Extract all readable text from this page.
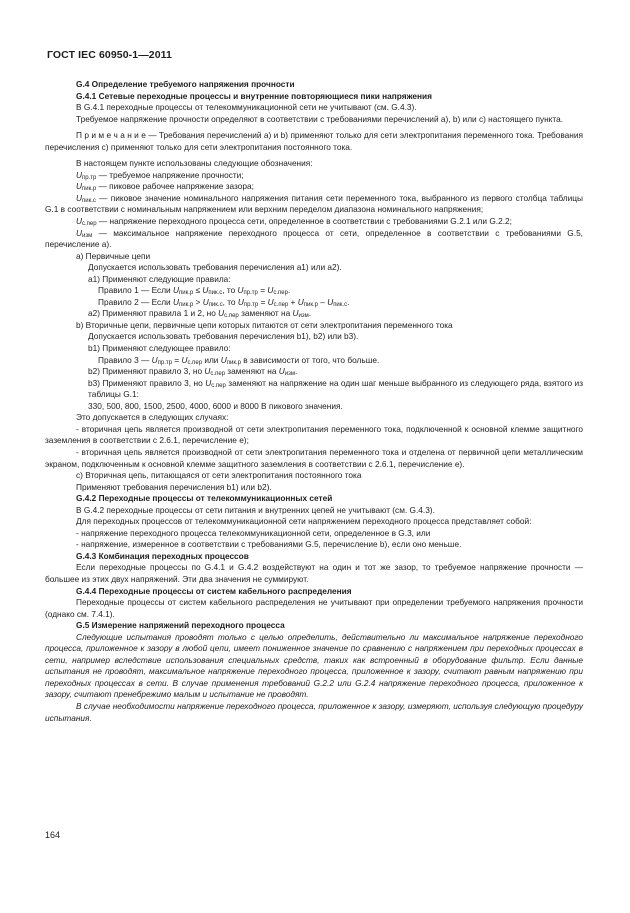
ГОСТ IEC 60950-1—2011

G.4 Определение требуемого напряжения прочности

G.4.1 Сетевые переходные процессы и внутренние повторяющиеся пики напряжения

В G.4.1 переходные процессы от телекоммуникационной сети не учитывают (см. G.4.3).

Требуемое напряжение прочности определяют в соответствии с требованиями перечислений a), b) или с) настоящего пункта.

П р и м е ч а н и е — Требования перечислений а) и b) применяют только для сети электропитания переменного тока. Требования перечисления с) применяют только для сети электропитания постоянного тока.

В настоящем пункте использованы следующие обозначения:

$U_{пр.тр}$ — требуемое напряжение прочности;

$U_{пик.р}$ — пиковое рабочее напряжение зазора;

$U_{пик.с}$ — пиковое значение номинального напряжения питания сети переменного тока, выбранного из первого столбца таблицы G.1 в соответствии с номинальным напряжением или верхним переделом диапазона номинального напряжения;

$U_{с.пер}$ — напряжение переходного процесса сети, определенное в соответствии с требованиями G.2.1 или G.2.2;

$U_{изм}$ — максимальное напряжение переходного процесса от сети, определенное в соответствии с требованиями G.5, перечисление а).

а) Первичные цепи

Допускается использовать требования перечисления а1) или а2).

а1) Применяют следующие правила:

Правило 1 — Если $U_{пик.р} \le U_{пик.с}$, то $U_{пр.тр} = U_{с.пер}$.

Правило 2 — Если $U_{пик.р} > U_{пик.с}$, то $U_{пр.тр} = U_{с.пер} + U_{пик.р} - U_{пик.с}$.

а2) Применяют правила 1 и 2, но $U_{с.пер}$ заменяют на $U_{изм}$.

b) Вторичные цепи, первичные цепи которых питаются от сети электропитания переменного тока

Допускается использовать требования перечисления b1), b2) или b3).

b1) Применяют следующее правило:

Правило 3 — $U_{пр.тр} = U_{с.пер}$ или $U_{пик.р}$ в зависимости от того, что больше.

b2) Применяют правило 3, но $U_{с.пер}$ заменяют на $U_{изм}$.

b3) Применяют правило 3, но $U_{с.пер}$ заменяют на напряжение на один шаг меньше выбранного из следующего ряда, взятого из таблицы G.1:

330, 500, 800, 1500, 2500, 4000, 6000 и 8000 В пикового значения.

Это допускается в следующих случаях:

- вторичная цепь является производной от сети электропитания переменного тока, подключенной к основной клемме защитного заземления в соответствии с 2.6.1, перечисление е);

- вторичная цепь является производной от сети электропитания переменного тока и отделена от первичной цепи металлическим экраном, подключенным к основной клемме защитного заземления в соответствии с 2.6.1, перечисление е).

с) Вторичная цепь, питающаяся от сети электропитания постоянного тока

Применяют требования перечисления b1) или b2).

G.4.2 Переходные процессы от телекоммуникационных сетей

В G.4.2 переходные процессы от сети питания и внутренних цепей не учитывают (см. G.4.3).

Для переходных процессов от телекоммуникационной сети напряжением переходного процесса представляет собой:

- напряжение переходного процесса телекоммуникационной сети, определенное в G.3, или

- напряжение, измеренное в соответствии с требованиями G.5, перечисление b), если оно меньше.

G.4.3 Комбинация переходных процессов

Если переходные процессы по G.4.1 и G.4.2 воздействуют на один и тот же зазор, то требуемое напряжение прочности — большее из этих двух напряжений. Эти два значения не суммируют.

G.4.4 Переходные процессы от систем кабельного распределения

Переходные процессы от систем кабельного распределения не учитывают при определении требуемого напряжения прочности (однако см. 7.4.1).

G.5 Измерение напряжений переходного процесса

Следующие испытания проводят только с целью определить, действительно ли максимальное напряжение переходного процесса, приложенное к зазору в любой цепи, имеет пониженное значение по сравнению с напряжением при переходных процессах в сети, например вследствие использования специальных средств, таких как встроенный в оборудование фильтр. Если данные испытания не проводят, максимальное напряжение переходного процесса, приложенное к зазору, считают равным напряжению при переходных процессах в сети. В случае применения требований G.2.2 или G.2.4 напряжение переходного процесса, приложенное к зазору, считают пренебрежимо малым и испытание не проводят.

В случае необходимости напряжение переходного процесса, приложенное к зазору, измеряют, используя следующую процедуру испытания.

164
